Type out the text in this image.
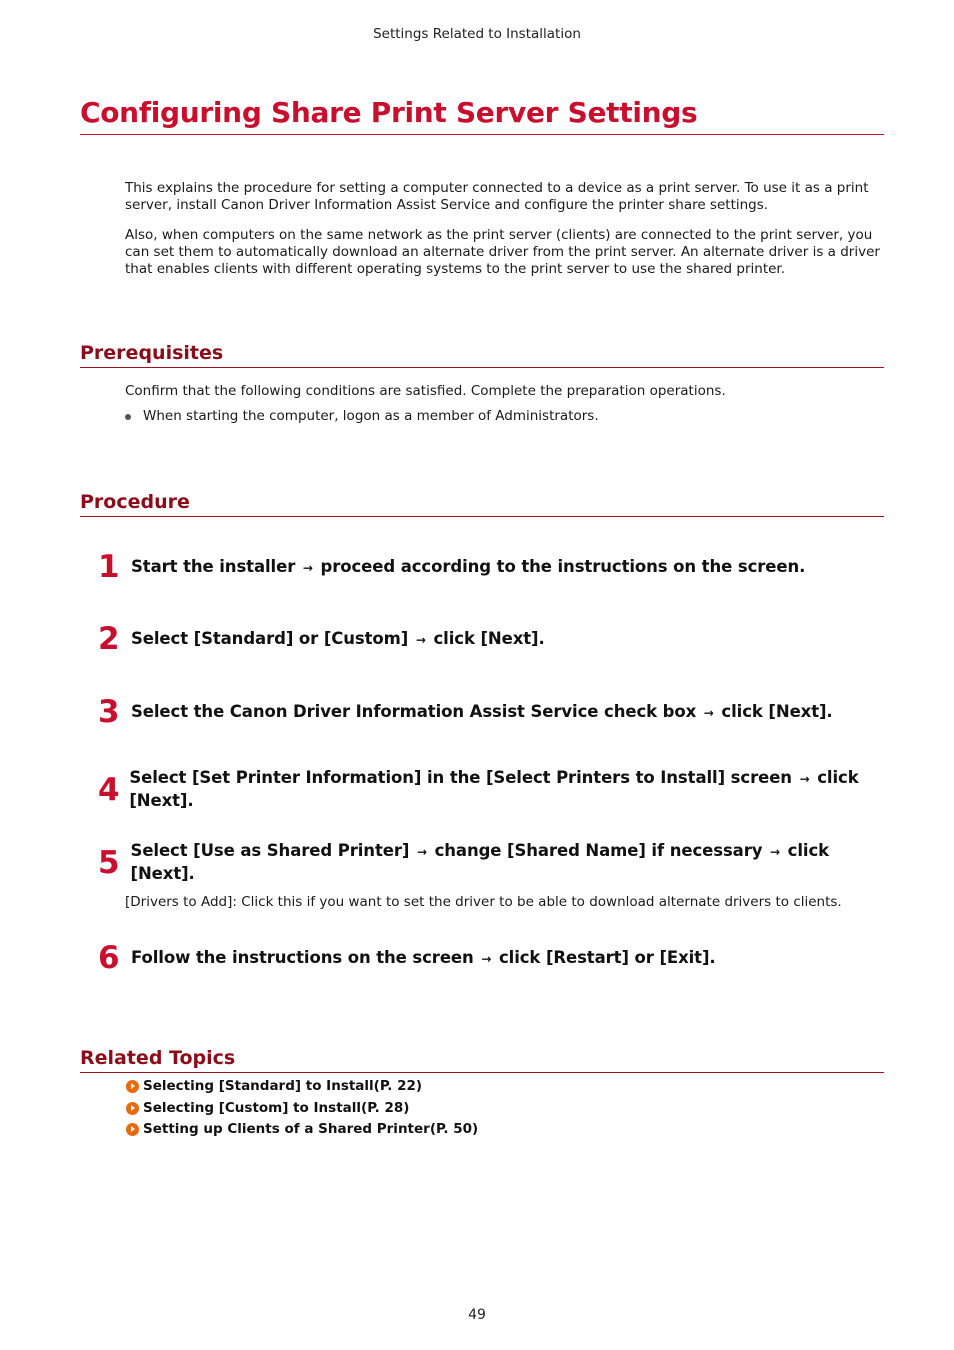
Settings Related to Installation
Configuring Share Print Server Settings

This explains the procedure for setting a computer connected to a device as a print server. To use it as a print server, install Canon Driver Information Assist Service and configure the printer share settings.

Also, when computers on the same network as the print server (clients) are connected to the print server, you can set them to automatically download an alternate driver from the print server. An alternate driver is a driver that enables clients with different operating systems to the print server to use the shared printer.

Prerequisites

Confirm that the following conditions are satisfied. Complete the preparation operations.

When starting the computer, logon as a member of Administrators.
Procedure
1 Start the installer → proceed according to the instructions on the screen.
2 Select [Standard] or [Custom] → click [Next].
3 Select the Canon Driver Information Assist Service check box → click [Next].
4 Select [Set Printer Information] in the [Select Printers to Install] screen → click [Next].
5 Select [Use as Shared Printer] → change [Shared Name] if necessary → click [Next].

[Drivers to Add]: Click this if you want to set the driver to be able to download alternate drivers to clients.

6 Follow the instructions on the screen → click [Restart] or [Exit].
Related Topics
Selecting [Standard] to Install(P. 22)
Selecting [Custom] to Install(P. 28)
Setting up Clients of a Shared Printer(P. 50)
49
